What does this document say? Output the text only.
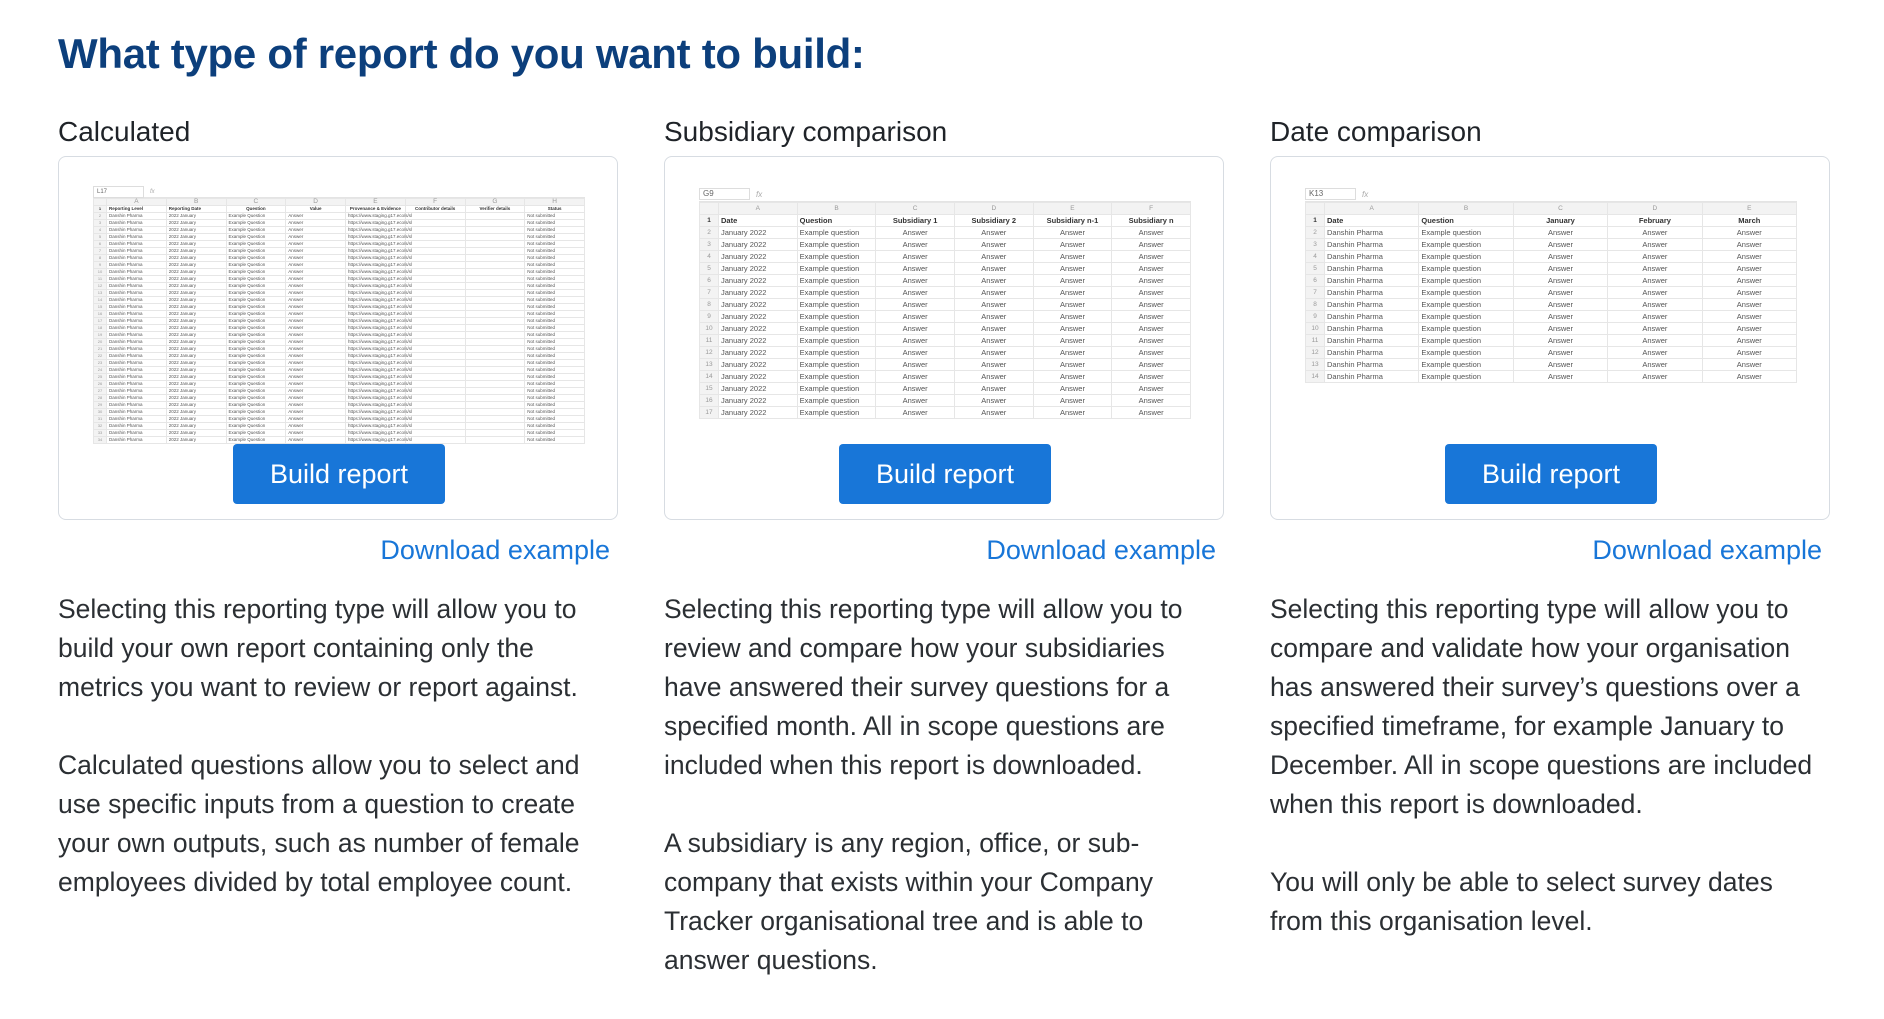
What type of report do you want to build:
Calculated
L17	fx
	A	B	C	D	E	F	G	H
1	Reporting Level	Reporting Date	Question	Value	Provenance & Evidence	Contributor details	Verifier details	Status
2	Danshin Pharma	2022 January	Example Question	Answer	https://www.staging.g17.eco/s/sl			Not submitted
3	Danshin Pharma	2022 January	Example Question	Answer	https://www.staging.g17.eco/s/sl			Not submitted
4	Danshin Pharma	2022 January	Example Question	Answer	https://www.staging.g17.eco/s/sl			Not submitted
5	Danshin Pharma	2022 January	Example Question	Answer	https://www.staging.g17.eco/s/sl			Not submitted
6	Danshin Pharma	2022 January	Example Question	Answer	https://www.staging.g17.eco/s/sl			Not submitted
7	Danshin Pharma	2022 January	Example Question	Answer	https://www.staging.g17.eco/s/sl			Not submitted
8	Danshin Pharma	2022 January	Example Question	Answer	https://www.staging.g17.eco/s/sl			Not submitted
9	Danshin Pharma	2022 January	Example Question	Answer	https://www.staging.g17.eco/s/sl			Not submitted
10	Danshin Pharma	2022 January	Example Question	Answer	https://www.staging.g17.eco/s/sl			Not submitted
11	Danshin Pharma	2022 January	Example Question	Answer	https://www.staging.g17.eco/s/sl			Not submitted
12	Danshin Pharma	2022 January	Example Question	Answer	https://www.staging.g17.eco/s/sl			Not submitted
13	Danshin Pharma	2022 January	Example Question	Answer	https://www.staging.g17.eco/s/sl			Not submitted
14	Danshin Pharma	2022 January	Example Question	Answer	https://www.staging.g17.eco/s/sl			Not submitted
15	Danshin Pharma	2022 January	Example Question	Answer	https://www.staging.g17.eco/s/sl			Not submitted
16	Danshin Pharma	2022 January	Example Question	Answer	https://www.staging.g17.eco/s/sl			Not submitted
17	Danshin Pharma	2022 January	Example Question	Answer	https://www.staging.g17.eco/s/sl			Not submitted
18	Danshin Pharma	2022 January	Example Question	Answer	https://www.staging.g17.eco/s/sl			Not submitted
19	Danshin Pharma	2022 January	Example Question	Answer	https://www.staging.g17.eco/s/sl			Not submitted
20	Danshin Pharma	2022 January	Example Question	Answer	https://www.staging.g17.eco/s/sl			Not submitted
21	Danshin Pharma	2022 January	Example Question	Answer	https://www.staging.g17.eco/s/sl			Not submitted
22	Danshin Pharma	2022 January	Example Question	Answer	https://www.staging.g17.eco/s/sl			Not submitted
23	Danshin Pharma	2022 January	Example Question	Answer	https://www.staging.g17.eco/s/sl			Not submitted
24	Danshin Pharma	2022 January	Example Question	Answer	https://www.staging.g17.eco/s/sl			Not submitted
25	Danshin Pharma	2022 January	Example Question	Answer	https://www.staging.g17.eco/s/sl			Not submitted
26	Danshin Pharma	2022 January	Example Question	Answer	https://www.staging.g17.eco/s/sl			Not submitted
27	Danshin Pharma	2022 January	Example Question	Answer	https://www.staging.g17.eco/s/sl			Not submitted
28	Danshin Pharma	2022 January	Example Question	Answer	https://www.staging.g17.eco/s/sl			Not submitted
29	Danshin Pharma	2022 January	Example Question	Answer	https://www.staging.g17.eco/s/sl			Not submitted
30	Danshin Pharma	2022 January	Example Question	Answer	https://www.staging.g17.eco/s/sl			Not submitted
31	Danshin Pharma	2022 January	Example Question	Answer	https://www.staging.g17.eco/s/sl			Not submitted
32	Danshin Pharma	2022 January	Example Question	Answer	https://www.staging.g17.eco/s/sl			Not submitted
33	Danshin Pharma	2022 January	Example Question	Answer	https://www.staging.g17.eco/s/sl			Not submitted
34	Danshin Pharma	2022 January	Example Question	Answer	https://www.staging.g17.eco/s/sl			Not submitted
Build report
Download example

Selecting this reporting type will allow you to build your own report containing only the metrics you want to review or report against.

Calculated questions allow you to select and use specific inputs from a question to create your own outputs, such as number of female employees divided by total employee count.

Subsidiary comparison
G9	fx
	A	B	C	D	E	F
1	Date	Question	Subsidiary 1	Subsidiary 2	Subsidiary n-1	Subsidiary n
2	January 2022	Example question	Answer	Answer	Answer	Answer
3	January 2022	Example question	Answer	Answer	Answer	Answer
4	January 2022	Example question	Answer	Answer	Answer	Answer
5	January 2022	Example question	Answer	Answer	Answer	Answer
6	January 2022	Example question	Answer	Answer	Answer	Answer
7	January 2022	Example question	Answer	Answer	Answer	Answer
8	January 2022	Example question	Answer	Answer	Answer	Answer
9	January 2022	Example question	Answer	Answer	Answer	Answer
10	January 2022	Example question	Answer	Answer	Answer	Answer
11	January 2022	Example question	Answer	Answer	Answer	Answer
12	January 2022	Example question	Answer	Answer	Answer	Answer
13	January 2022	Example question	Answer	Answer	Answer	Answer
14	January 2022	Example question	Answer	Answer	Answer	Answer
15	January 2022	Example question	Answer	Answer	Answer	Answer
16	January 2022	Example question	Answer	Answer	Answer	Answer
17	January 2022	Example question	Answer	Answer	Answer	Answer
Build report
Download example

Selecting this reporting type will allow you to review and compare how your subsidiaries have answered their survey questions for a specified month. All in scope questions are included when this report is downloaded.

A subsidiary is any region, office, or sub-company that exists within your Company Tracker organisational tree and is able to answer questions.

Date comparison
K13	fx
	A	B	C	D	E
1	Date	Question	January	February	March
2	Danshin Pharma	Example question	Answer	Answer	Answer
3	Danshin Pharma	Example question	Answer	Answer	Answer
4	Danshin Pharma	Example question	Answer	Answer	Answer
5	Danshin Pharma	Example question	Answer	Answer	Answer
6	Danshin Pharma	Example question	Answer	Answer	Answer
7	Danshin Pharma	Example question	Answer	Answer	Answer
8	Danshin Pharma	Example question	Answer	Answer	Answer
9	Danshin Pharma	Example question	Answer	Answer	Answer
10	Danshin Pharma	Example question	Answer	Answer	Answer
11	Danshin Pharma	Example question	Answer	Answer	Answer
12	Danshin Pharma	Example question	Answer	Answer	Answer
13	Danshin Pharma	Example question	Answer	Answer	Answer
14	Danshin Pharma	Example question	Answer	Answer	Answer
Build report
Download example

Selecting this reporting type will allow you to compare and validate how your organisation has answered their survey’s questions over a specified timeframe, for example January to December. All in scope questions are included when this report is downloaded.

You will only be able to select survey dates from this organisation level.
